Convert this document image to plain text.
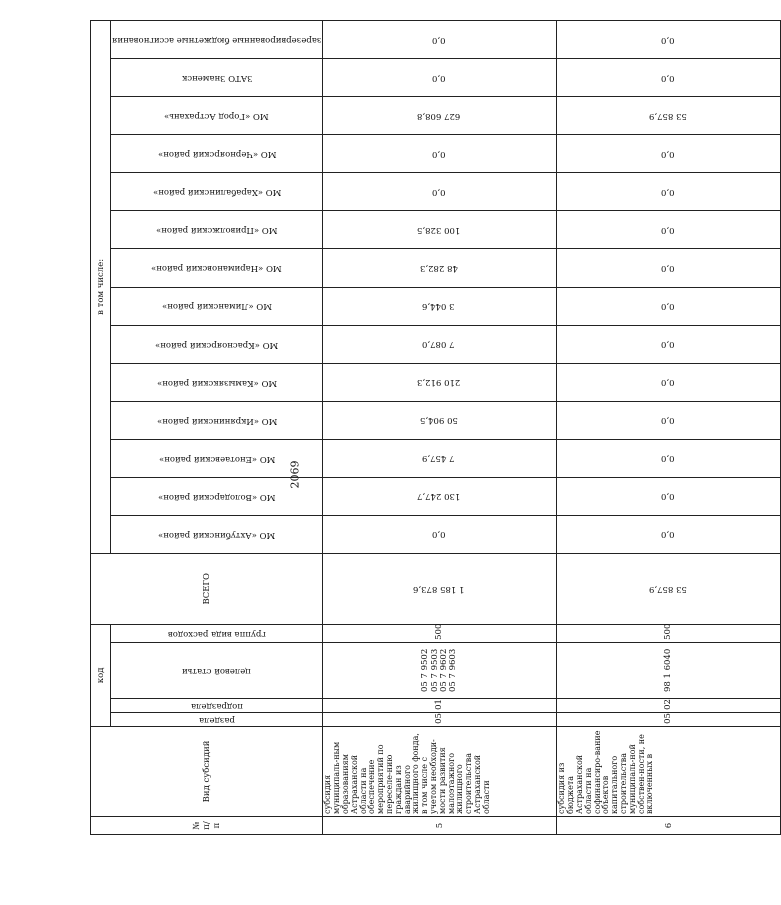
2069
№ п/п	Вид субсидий	код				ВСЕГО	в том числе:													

		раздела	подраздела	целевой статьи	группа вида расходов		МО «Ахтубинский район»	МО «Володарский район»	МО «Енотаевский район»	МО «Икрянинский район»	МО «Камызякский район»	МО «Красноярский район»	МО «Лиманский район»	МО «Наримановский район»	МО «Приволжский район»	МО «Харабалинский район»	МО «Черноярский район»	МО «Город Астрахань»	ЗАТО Знаменск	зарезервированные бюджетные ассигнования

5	субсидия муниципаль-ным образованиям Астраханской области на обеспечение мероприятий по переселе-нию граждан из аварийного жилищного фонда, в том числе с учетом необходи-мости развития малоэтажного жилищного строительства Астраханской области	05	01	05 7 9502 05 7 9503 05 7 9602 05 7 9603	500	1 185 873,6	0,0	130 247,7	7 457,9	50 904,5	210 912,3	7 087,0	3 044,6	48 282,3	100 328,5	0,0	0,0	627 608,8	0,0	0,0
6	субсидия из бюджета Астраханской области на софинансиро-вание объектов капитального строительства муниципаль-ной собствен-ности, не включенных в	05	02	98 1 6040	500	53 857,9	0,0	0,0	0,0	0,0	0,0	0,0	0,0	0,0	0,0	0,0	0,0	53 857,9	0,0	0,0
